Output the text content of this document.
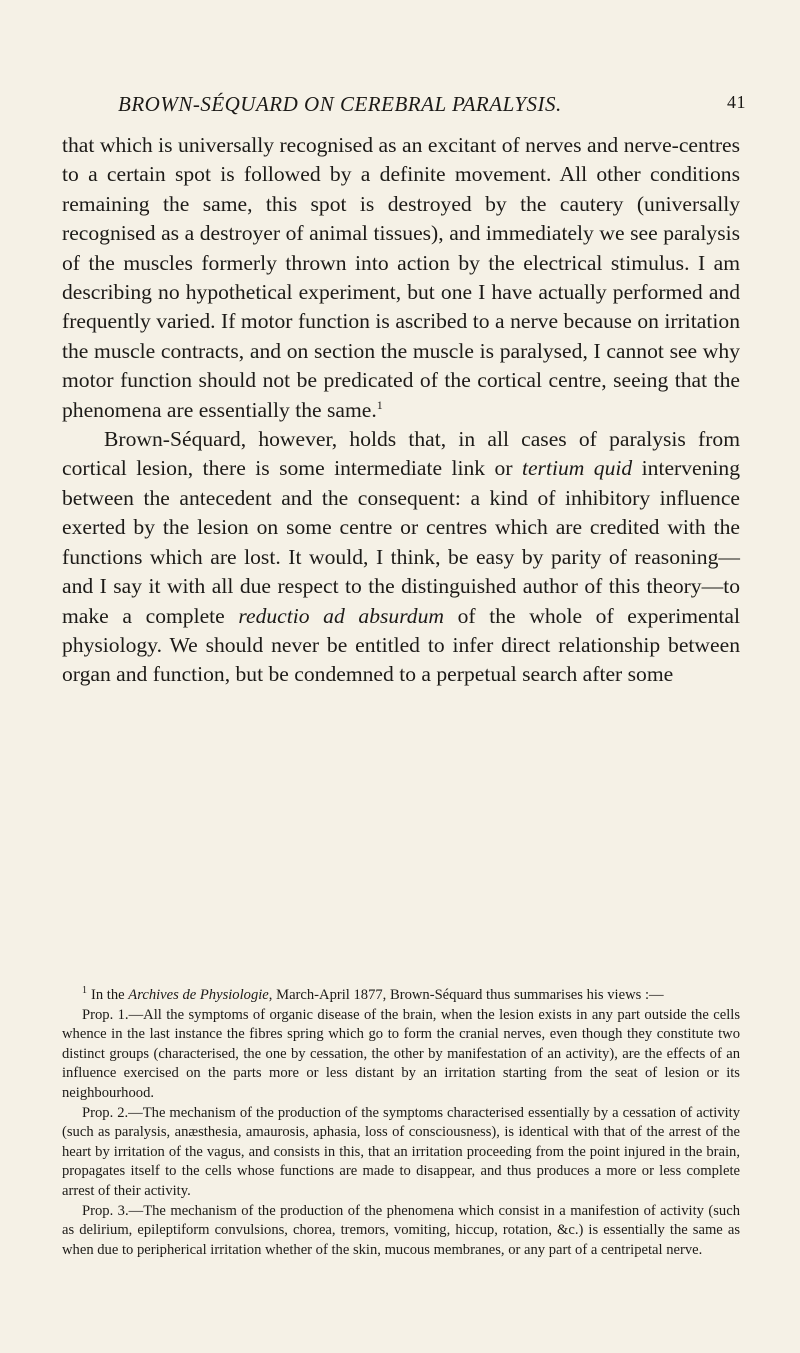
BROWN-SÉQUARD ON CEREBRAL PARALYSIS.	41

that which is universally recognised as an excitant of nerves and nerve-centres to a certain spot is followed by a definite movement. All other conditions remaining the same, this spot is destroyed by the cautery (universally recognised as a destroyer of animal tissues), and immediately we see paralysis of the muscles formerly thrown into action by the electrical stimulus. I am describing no hypothetical experiment, but one I have actually performed and frequently varied. If motor function is ascribed to a nerve because on irritation the muscle contracts, and on section the muscle is paralysed, I cannot see why motor function should not be predicated of the cortical centre, seeing that the phenomena are essentially the same.$^1$

Brown-Séquard, however, holds that, in all cases of paralysis from cortical lesion, there is some intermediate link or tertium quid intervening between the antecedent and the consequent: a kind of inhibitory influence exerted by the lesion on some centre or centres which are credited with the functions which are lost. It would, I think, be easy by parity of reasoning—and I say it with all due respect to the distinguished author of this theory—to make a complete reductio ad absurdum of the whole of experimental physiology. We should never be entitled to infer direct relationship between organ and function, but be condemned to a perpetual search after some

$^1$ In the Archives de Physiologie, March-April 1877, Brown-Séquard thus summarises his views :—

Prop. 1.—All the symptoms of organic disease of the brain, when the lesion exists in any part outside the cells whence in the last instance the fibres spring which go to form the cranial nerves, even though they constitute two distinct groups (characterised, the one by cessation, the other by manifestation of an activity), are the effects of an influence exercised on the parts more or less distant by an irritation starting from the seat of lesion or its neighbourhood.

Prop. 2.—The mechanism of the production of the symptoms characterised essentially by a cessation of activity (such as paralysis, anæsthesia, amaurosis, aphasia, loss of consciousness), is identical with that of the arrest of the heart by irritation of the vagus, and consists in this, that an irritation proceeding from the point injured in the brain, propagates itself to the cells whose functions are made to disappear, and thus produces a more or less complete arrest of their activity.

Prop. 3.—The mechanism of the production of the phenomena which consist in a manifestion of activity (such as delirium, epileptiform convulsions, chorea, tremors, vomiting, hiccup, rotation, &c.) is essentially the same as when due to peripherical irritation whether of the skin, mucous membranes, or any part of a centripetal nerve.
